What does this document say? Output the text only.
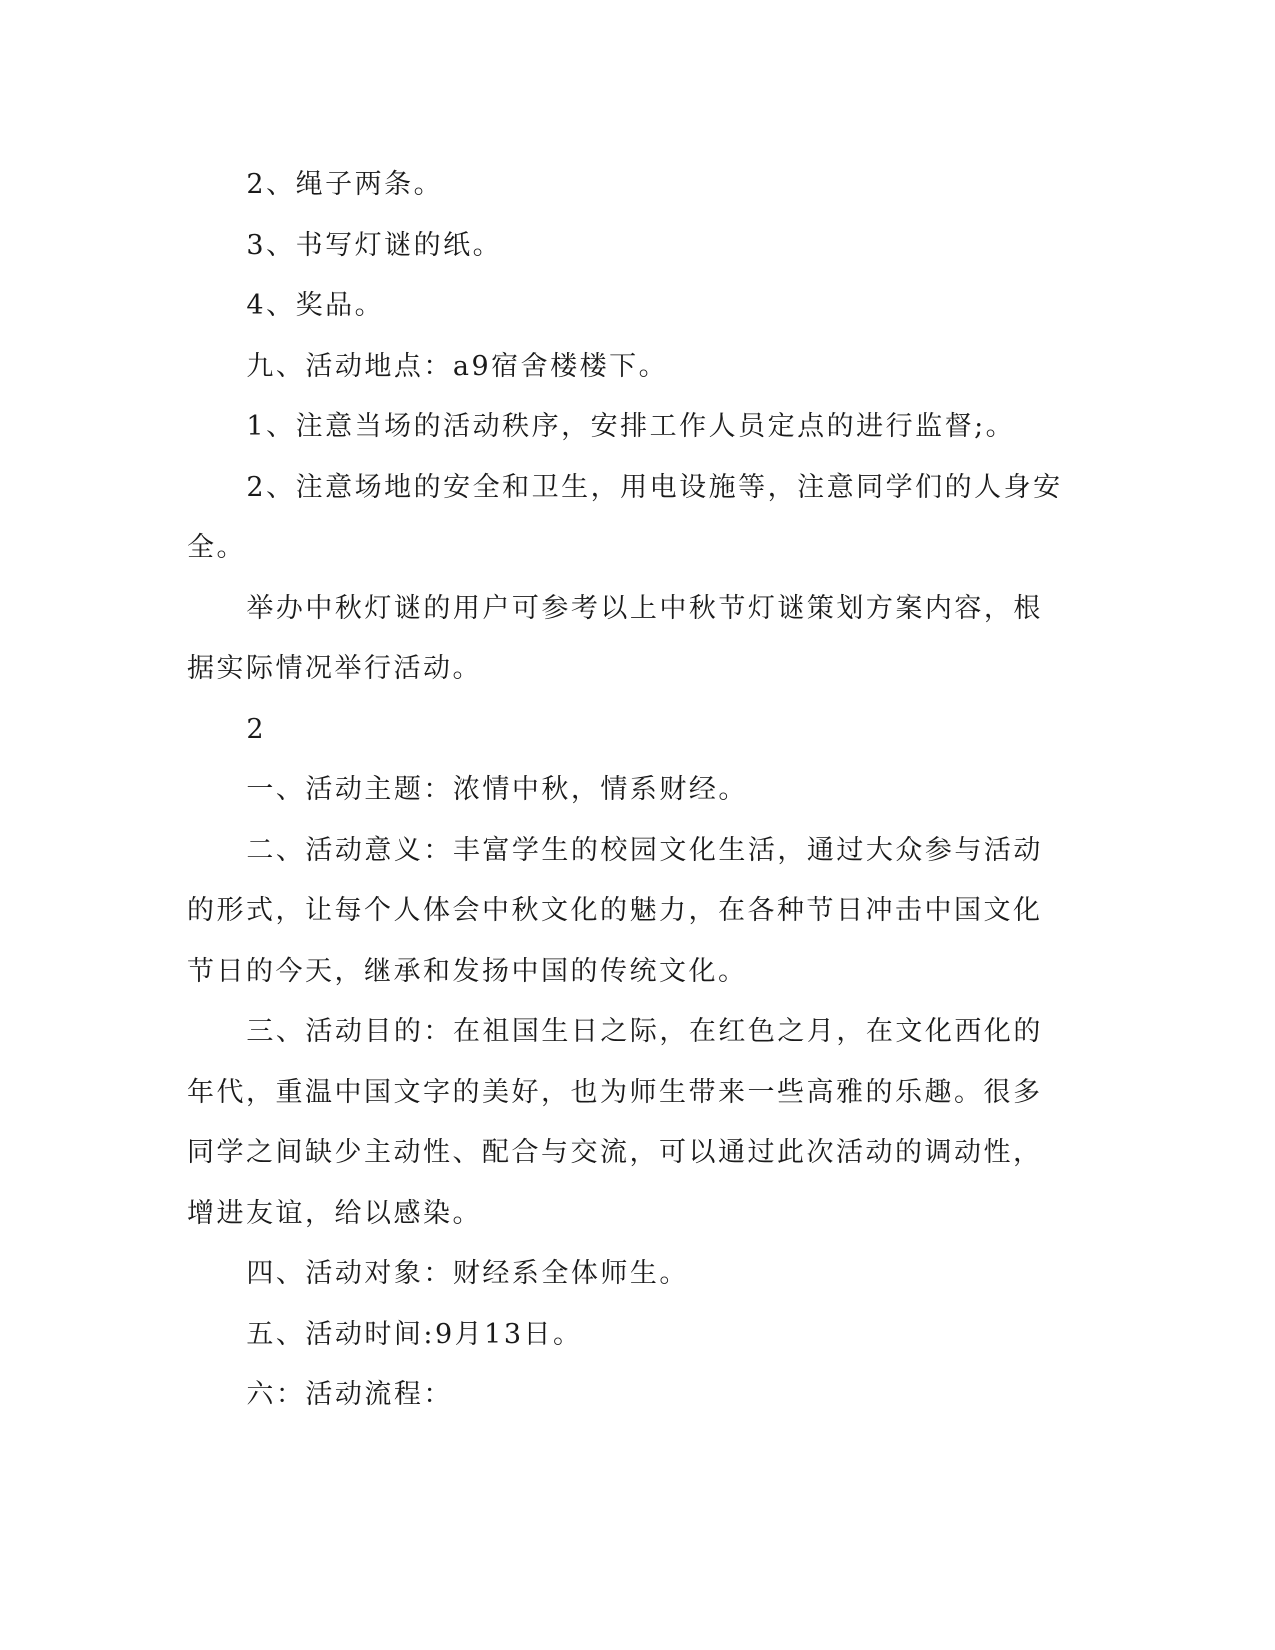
2、绳子两条。

3、书写灯谜的纸。

4、奖品。

九、活动地点：a9宿舍楼楼下。

1、注意当场的活动秩序，安排工作人员定点的进行监督;。

2、注意场地的安全和卫生，用电设施等，注意同学们的人身安全。

举办中秋灯谜的用户可参考以上中秋节灯谜策划方案内容，根据实际情况举行活动。

2

一、活动主题：浓情中秋，情系财经。

二、活动意义：丰富学生的校园文化生活，通过大众参与活动的形式，让每个人体会中秋文化的魅力，在各种节日冲击中国文化节日的今天，继承和发扬中国的传统文化。

三、活动目的：在祖国生日之际，在红色之月，在文化西化的年代，重温中国文字的美好，也为师生带来一些高雅的乐趣。很多同学之间缺少主动性、配合与交流，可以通过此次活动的调动性，增进友谊，给以感染。

四、活动对象：财经系全体师生。

五、活动时间:9月13日。

六：活动流程：
